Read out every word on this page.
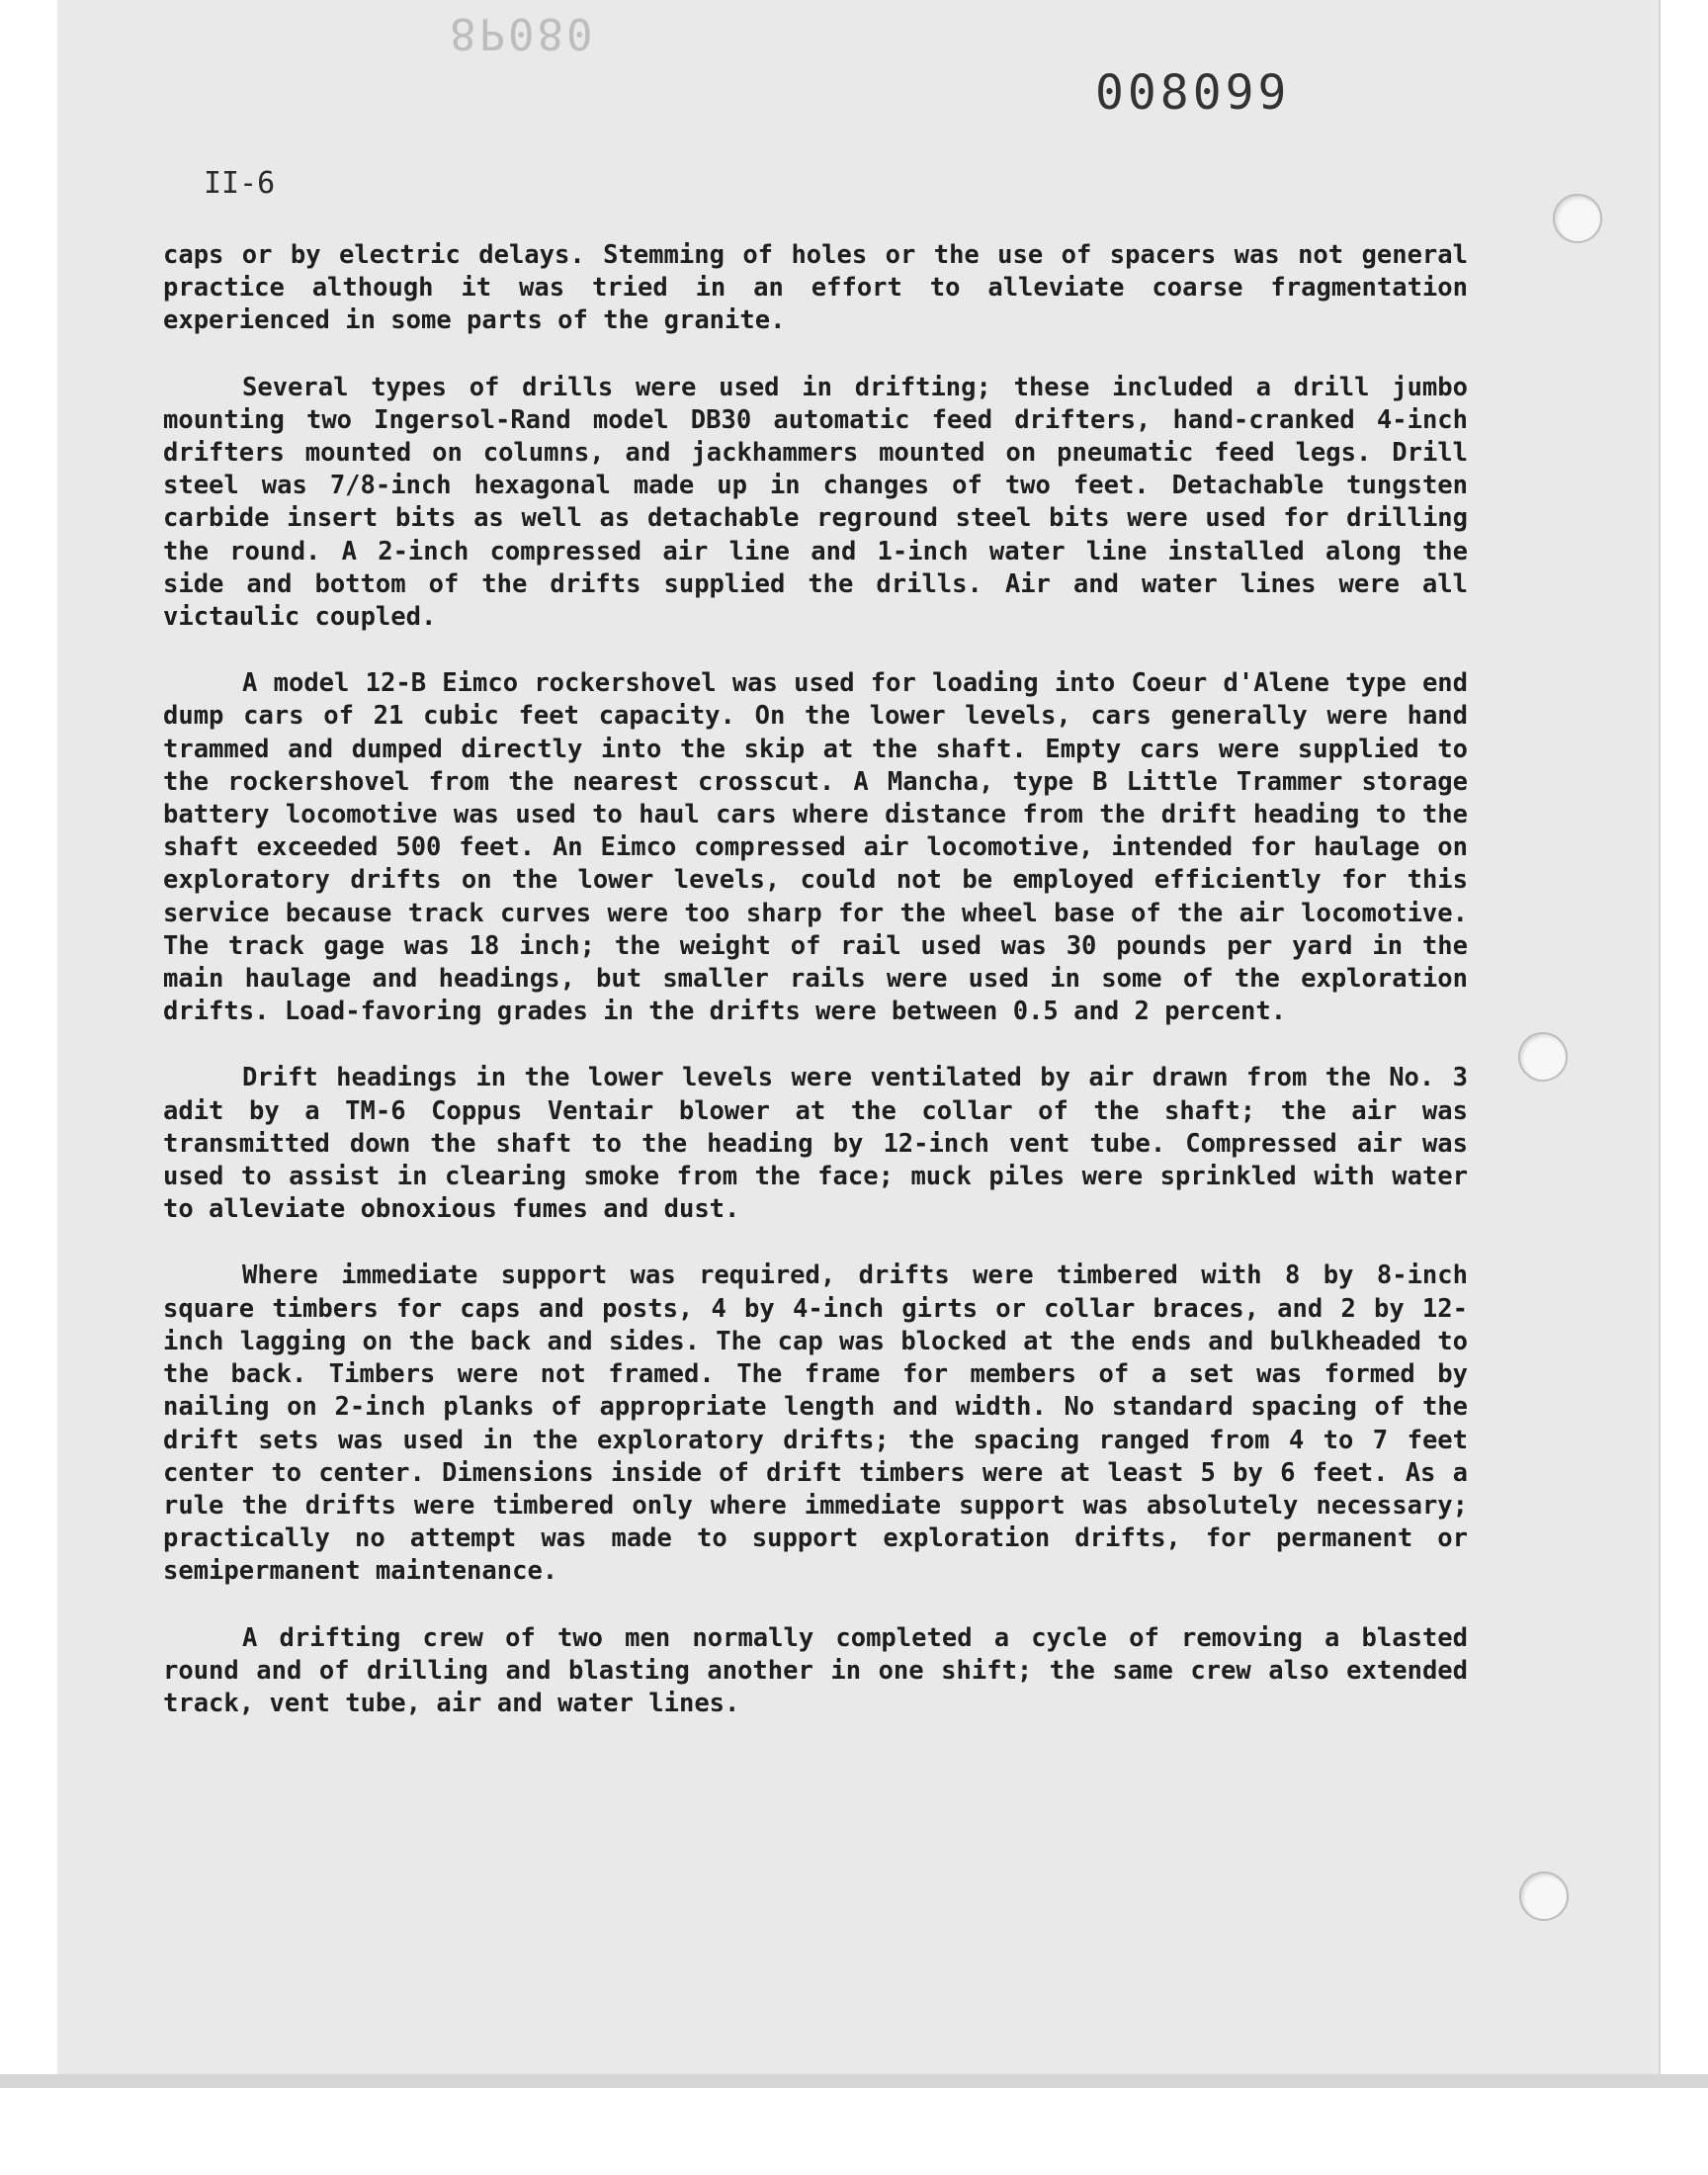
8P080
008099
II-6

caps or by electric delays. Stemming of holes or the use of spacers was not general practice although it was tried in an effort to alleviate coarse fragmentation experienced in some parts of the granite.

Several types of drills were used in drifting; these included a drill jumbo mounting two Ingersol-Rand model DB30 automatic feed drifters, hand-cranked 4-inch drifters mounted on columns, and jackhammers mounted on pneumatic feed legs. Drill steel was 7/8-inch hexagonal made up in changes of two feet. Detachable tungsten carbide insert bits as well as detachable reground steel bits were used for drilling the round. A 2-inch compressed air line and 1-inch water line installed along the side and bottom of the drifts supplied the drills. Air and water lines were all victaulic coupled.

A model 12-B Eimco rockershovel was used for loading into Coeur d'Alene type end dump cars of 21 cubic feet capacity. On the lower levels, cars generally were hand trammed and dumped directly into the skip at the shaft. Empty cars were supplied to the rockershovel from the nearest crosscut. A Mancha, type B Little Trammer storage battery locomotive was used to haul cars where distance from the drift heading to the shaft exceeded 500 feet. An Eimco compressed air locomotive, intended for haulage on exploratory drifts on the lower levels, could not be employed efficiently for this service because track curves were too sharp for the wheel base of the air locomotive. The track gage was 18 inch; the weight of rail used was 30 pounds per yard in the main haulage and headings, but smaller rails were used in some of the exploration drifts. Load-favoring grades in the drifts were between 0.5 and 2 percent.

Drift headings in the lower levels were ventilated by air drawn from the No. 3 adit by a TM-6 Coppus Ventair blower at the collar of the shaft; the air was transmitted down the shaft to the heading by 12-inch vent tube. Compressed air was used to assist in clearing smoke from the face; muck piles were sprinkled with water to alleviate obnoxious fumes and dust.

Where immediate support was required, drifts were timbered with 8 by 8-inch square timbers for caps and posts, 4 by 4-inch girts or collar braces, and 2 by 12-inch lagging on the back and sides. The cap was blocked at the ends and bulkheaded to the back. Timbers were not framed. The frame for members of a set was formed by nailing on 2-inch planks of appropriate length and width. No standard spacing of the drift sets was used in the exploratory drifts; the spacing ranged from 4 to 7 feet center to center. Dimensions inside of drift timbers were at least 5 by 6 feet. As a rule the drifts were timbered only where immediate support was absolutely necessary; practically no attempt was made to support exploration drifts, for permanent or semipermanent maintenance.

A drifting crew of two men normally completed a cycle of removing a blasted round and of drilling and blasting another in one shift; the same crew also extended track, vent tube, air and water lines.
